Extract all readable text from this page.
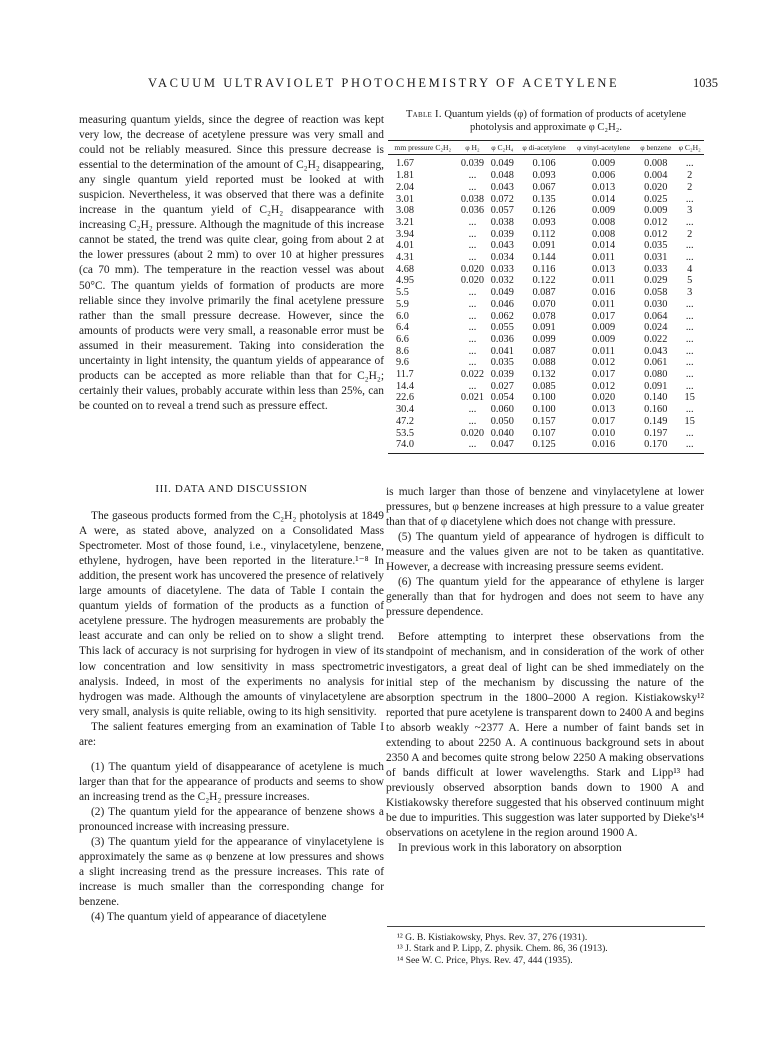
VACUUM ULTRAVIOLET PHOTOCHEMISTRY OF ACETYLENE	1035

measuring quantum yields, since the degree of reaction was kept very low, the decrease of acetylene pressure was very small and could not be reliably measured. Since this pressure decrease is essential to the determination of the amount of C₂H₂ disappearing, any single quantum yield reported must be looked at with suspicion. Nevertheless, it was observed that there was a definite increase in the quantum yield of C₂H₂ disappearance with increasing C₂H₂ pressure. Although the magnitude of this increase cannot be stated, the trend was quite clear, going from about 2 at the lower pressures (about 2 mm) to over 10 at higher pressures (ca 70 mm). The temperature in the reaction vessel was about 50°C. The quantum yields of formation of products are more reliable since they involve primarily the final acetylene pressure rather than the small pressure decrease. However, since the amounts of products were very small, a reasonable error must be assumed in their measurement. Taking into consideration the uncertainty in light intensity, the quantum yields of appearance of products can be accepted as more reliable than that for C₂H₂; certainly their values, probably accurate within less than 25%, can be counted on to reveal a trend such as pressure effect.

III. DATA AND DISCUSSION

The gaseous products formed from the C₂H₂ photolysis at 1849 A were, as stated above, analyzed on a Consolidated Mass Spectrometer. Most of those found, i.e., vinylacetylene, benzene, ethylene, hydrogen, have been reported in the literature.¹⁻⁸ In addition, the present work has uncovered the presence of relatively large amounts of diacetylene. The data of Table I contain the quantum yields of formation of the products as a function of acetylene pressure. The hydrogen measurements are probably the least accurate and can only be relied on to show a slight trend. This lack of accuracy is not surprising for hydrogen in view of its low concentration and low sensitivity in mass spectrometric analysis. Indeed, in most of the experiments no analysis for hydrogen was made. Although the amounts of vinylacetylene are very small, analysis is quite reliable, owing to its high sensitivity.

The salient features emerging from an examination of Table I are:

(1) The quantum yield of disappearance of acetylene is much larger than that for the appearance of products and seems to show an increasing trend as the C₂H₂ pressure increases.

(2) The quantum yield for the appearance of benzene shows a pronounced increase with increasing pressure.

(3) The quantum yield for the appearance of vinylacetylene is approximately the same as φ benzene at low pressures and shows a slight increasing trend as the pressure increases. This rate of increase is much smaller than the corresponding change for benzene.

(4) The quantum yield of appearance of diacetylene

Table I. Quantum yields (φ) of formation of products of acetylene photolysis and approximate φ C₂H₂.
mm pressure C₂H₂	φ H₂	φ C₂H₄	φ di-acetylene	φ vinyl-acetylene	φ benzene	φ C₂H₂
1.67	0.039	0.049	0.106	0.009	0.008	...
1.81	...	0.048	0.093	0.006	0.004	2
2.04	...	0.043	0.067	0.013	0.020	2
3.01	0.038	0.072	0.135	0.014	0.025	...
3.08	0.036	0.057	0.126	0.009	0.009	3
3.21	...	0.038	0.093	0.008	0.012	...
3.94	...	0.039	0.112	0.008	0.012	2
4.01	...	0.043	0.091	0.014	0.035	...
4.31	...	0.034	0.144	0.011	0.031	...
4.68	0.020	0.033	0.116	0.013	0.033	4
4.95	0.020	0.032	0.122	0.011	0.029	5
5.5	...	0.049	0.087	0.016	0.058	3
5.9	...	0.046	0.070	0.011	0.030	...
6.0	...	0.062	0.078	0.017	0.064	...
6.4	...	0.055	0.091	0.009	0.024	...
6.6	...	0.036	0.099	0.009	0.022	...
8.6	...	0.041	0.087	0.011	0.043	...
9.6	...	0.035	0.088	0.012	0.061	...
11.7	0.022	0.039	0.132	0.017	0.080	...
14.4	...	0.027	0.085	0.012	0.091	...
22.6	0.021	0.054	0.100	0.020	0.140	15
30.4	...	0.060	0.100	0.013	0.160	...
47.2	...	0.050	0.157	0.017	0.149	15
53.5	0.020	0.040	0.107	0.010	0.197	...
74.0	...	0.047	0.125	0.016	0.170	...

is much larger than those of benzene and vinylacetylene at lower pressures, but φ benzene increases at high pressure to a value greater than that of φ diacetylene which does not change with pressure.

(5) The quantum yield of appearance of hydrogen is difficult to measure and the values given are not to be taken as quantitative. However, a decrease with increasing pressure seems evident.

(6) The quantum yield for the appearance of ethylene is larger generally than that for hydrogen and does not seem to have any pressure dependence.

Before attempting to interpret these observations from the standpoint of mechanism, and in consideration of the work of other investigators, a great deal of light can be shed immediately on the initial step of the mechanism by discussing the nature of the absorption spectrum in the 1800–2000 A region. Kistiakowsky¹² reported that pure acetylene is transparent down to 2400 A and begins to absorb weakly ~2377 A. Here a number of faint bands set in extending to about 2250 A. A continuous background sets in about 2350 A and becomes quite strong below 2250 A making observations of bands difficult at lower wavelengths. Stark and Lipp¹³ had previously observed absorption bands down to 1900 A and Kistiakowsky therefore suggested that his observed continuum might be due to impurities. This suggestion was later supported by Dieke's¹⁴ observations on acetylene in the region around 1900 A.

In previous work in this laboratory on absorption

¹² G. B. Kistiakowsky, Phys. Rev. 37, 276 (1931).
¹³ J. Stark and P. Lipp, Z. physik. Chem. 86, 36 (1913).
¹⁴ See W. C. Price, Phys. Rev. 47, 444 (1935).
